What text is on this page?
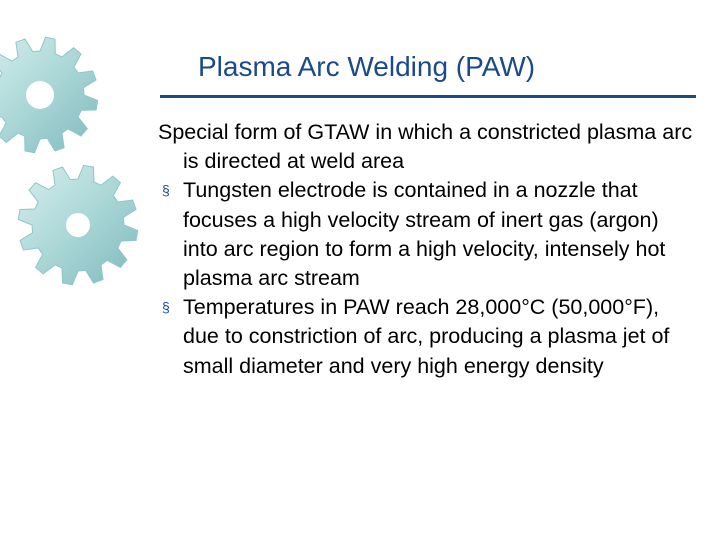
Plasma Arc Welding (PAW)

Special form of GTAW in which a constricted plasma arc is directed at weld area

§ Tungsten electrode is contained in a nozzle that focuses a high velocity stream of inert gas (argon) into arc region to form a high velocity, intensely hot plasma arc stream
§ Temperatures in PAW reach 28,000°C (50,000°F), due to constriction of arc, producing a plasma jet of small diameter and very high energy density
